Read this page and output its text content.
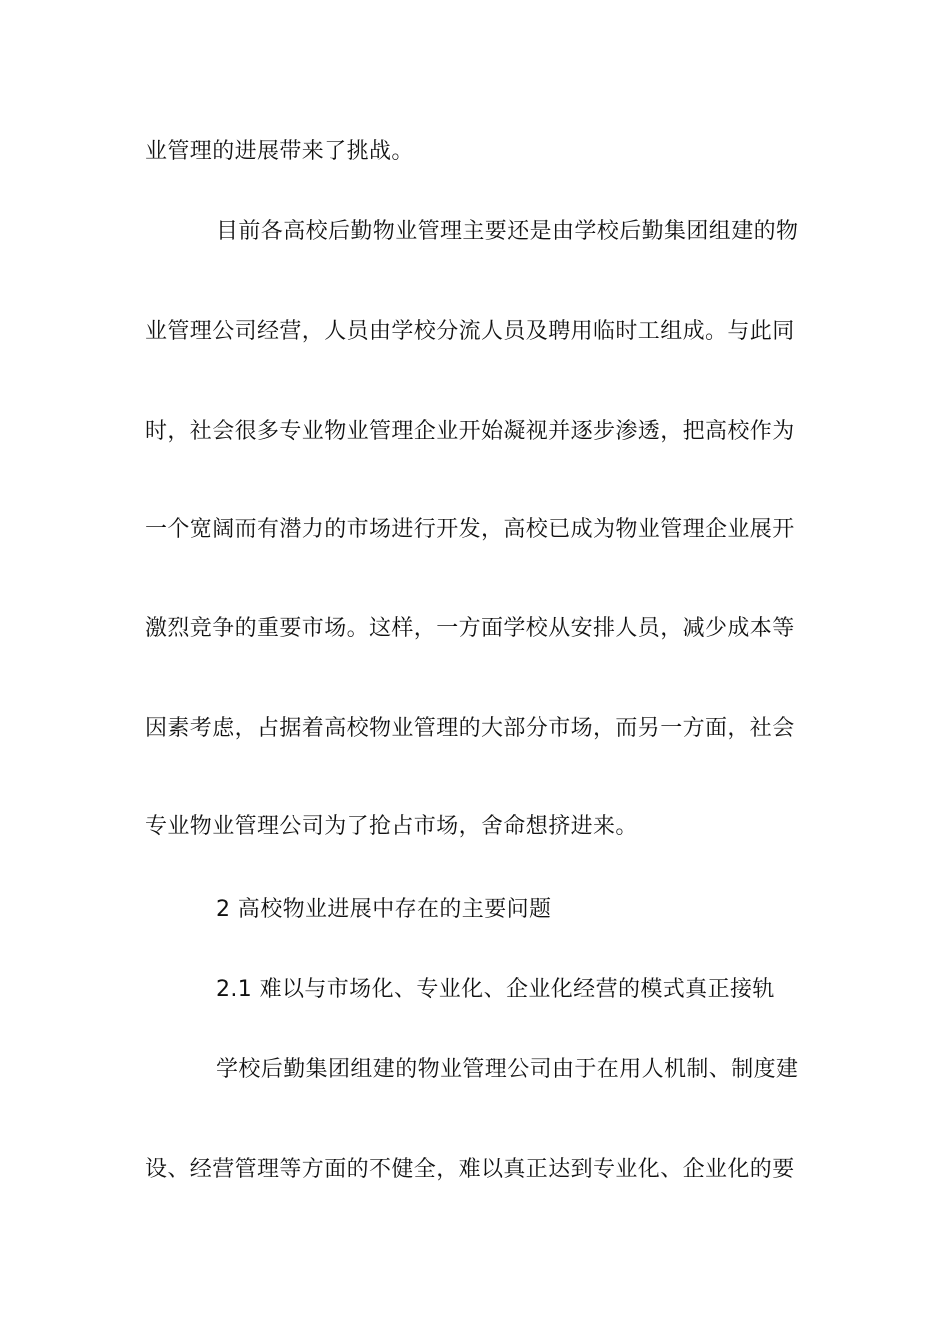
业管理的进展带来了挑战。
目前各高校后勤物业管理主要还是由学校后勤集团组建的物
业管理公司经营，人员由学校分流人员及聘用临时工组成。与此同
时，社会很多专业物业管理企业开始凝视并逐步渗透，把高校作为
一个宽阔而有潜力的市场进行开发，高校已成为物业管理企业展开
激烈竞争的重要市场。这样，一方面学校从安排人员，减少成本等
因素考虑，占据着高校物业管理的大部分市场，而另一方面，社会
专业物业管理公司为了抢占市场，舍命想挤进来。
2 高校物业进展中存在的主要问题
2.1 难以与市场化、专业化、企业化经营的模式真正接轨
学校后勤集团组建的物业管理公司由于在用人机制、制度建
设、经营管理等方面的不健全，难以真正达到专业化、企业化的要
